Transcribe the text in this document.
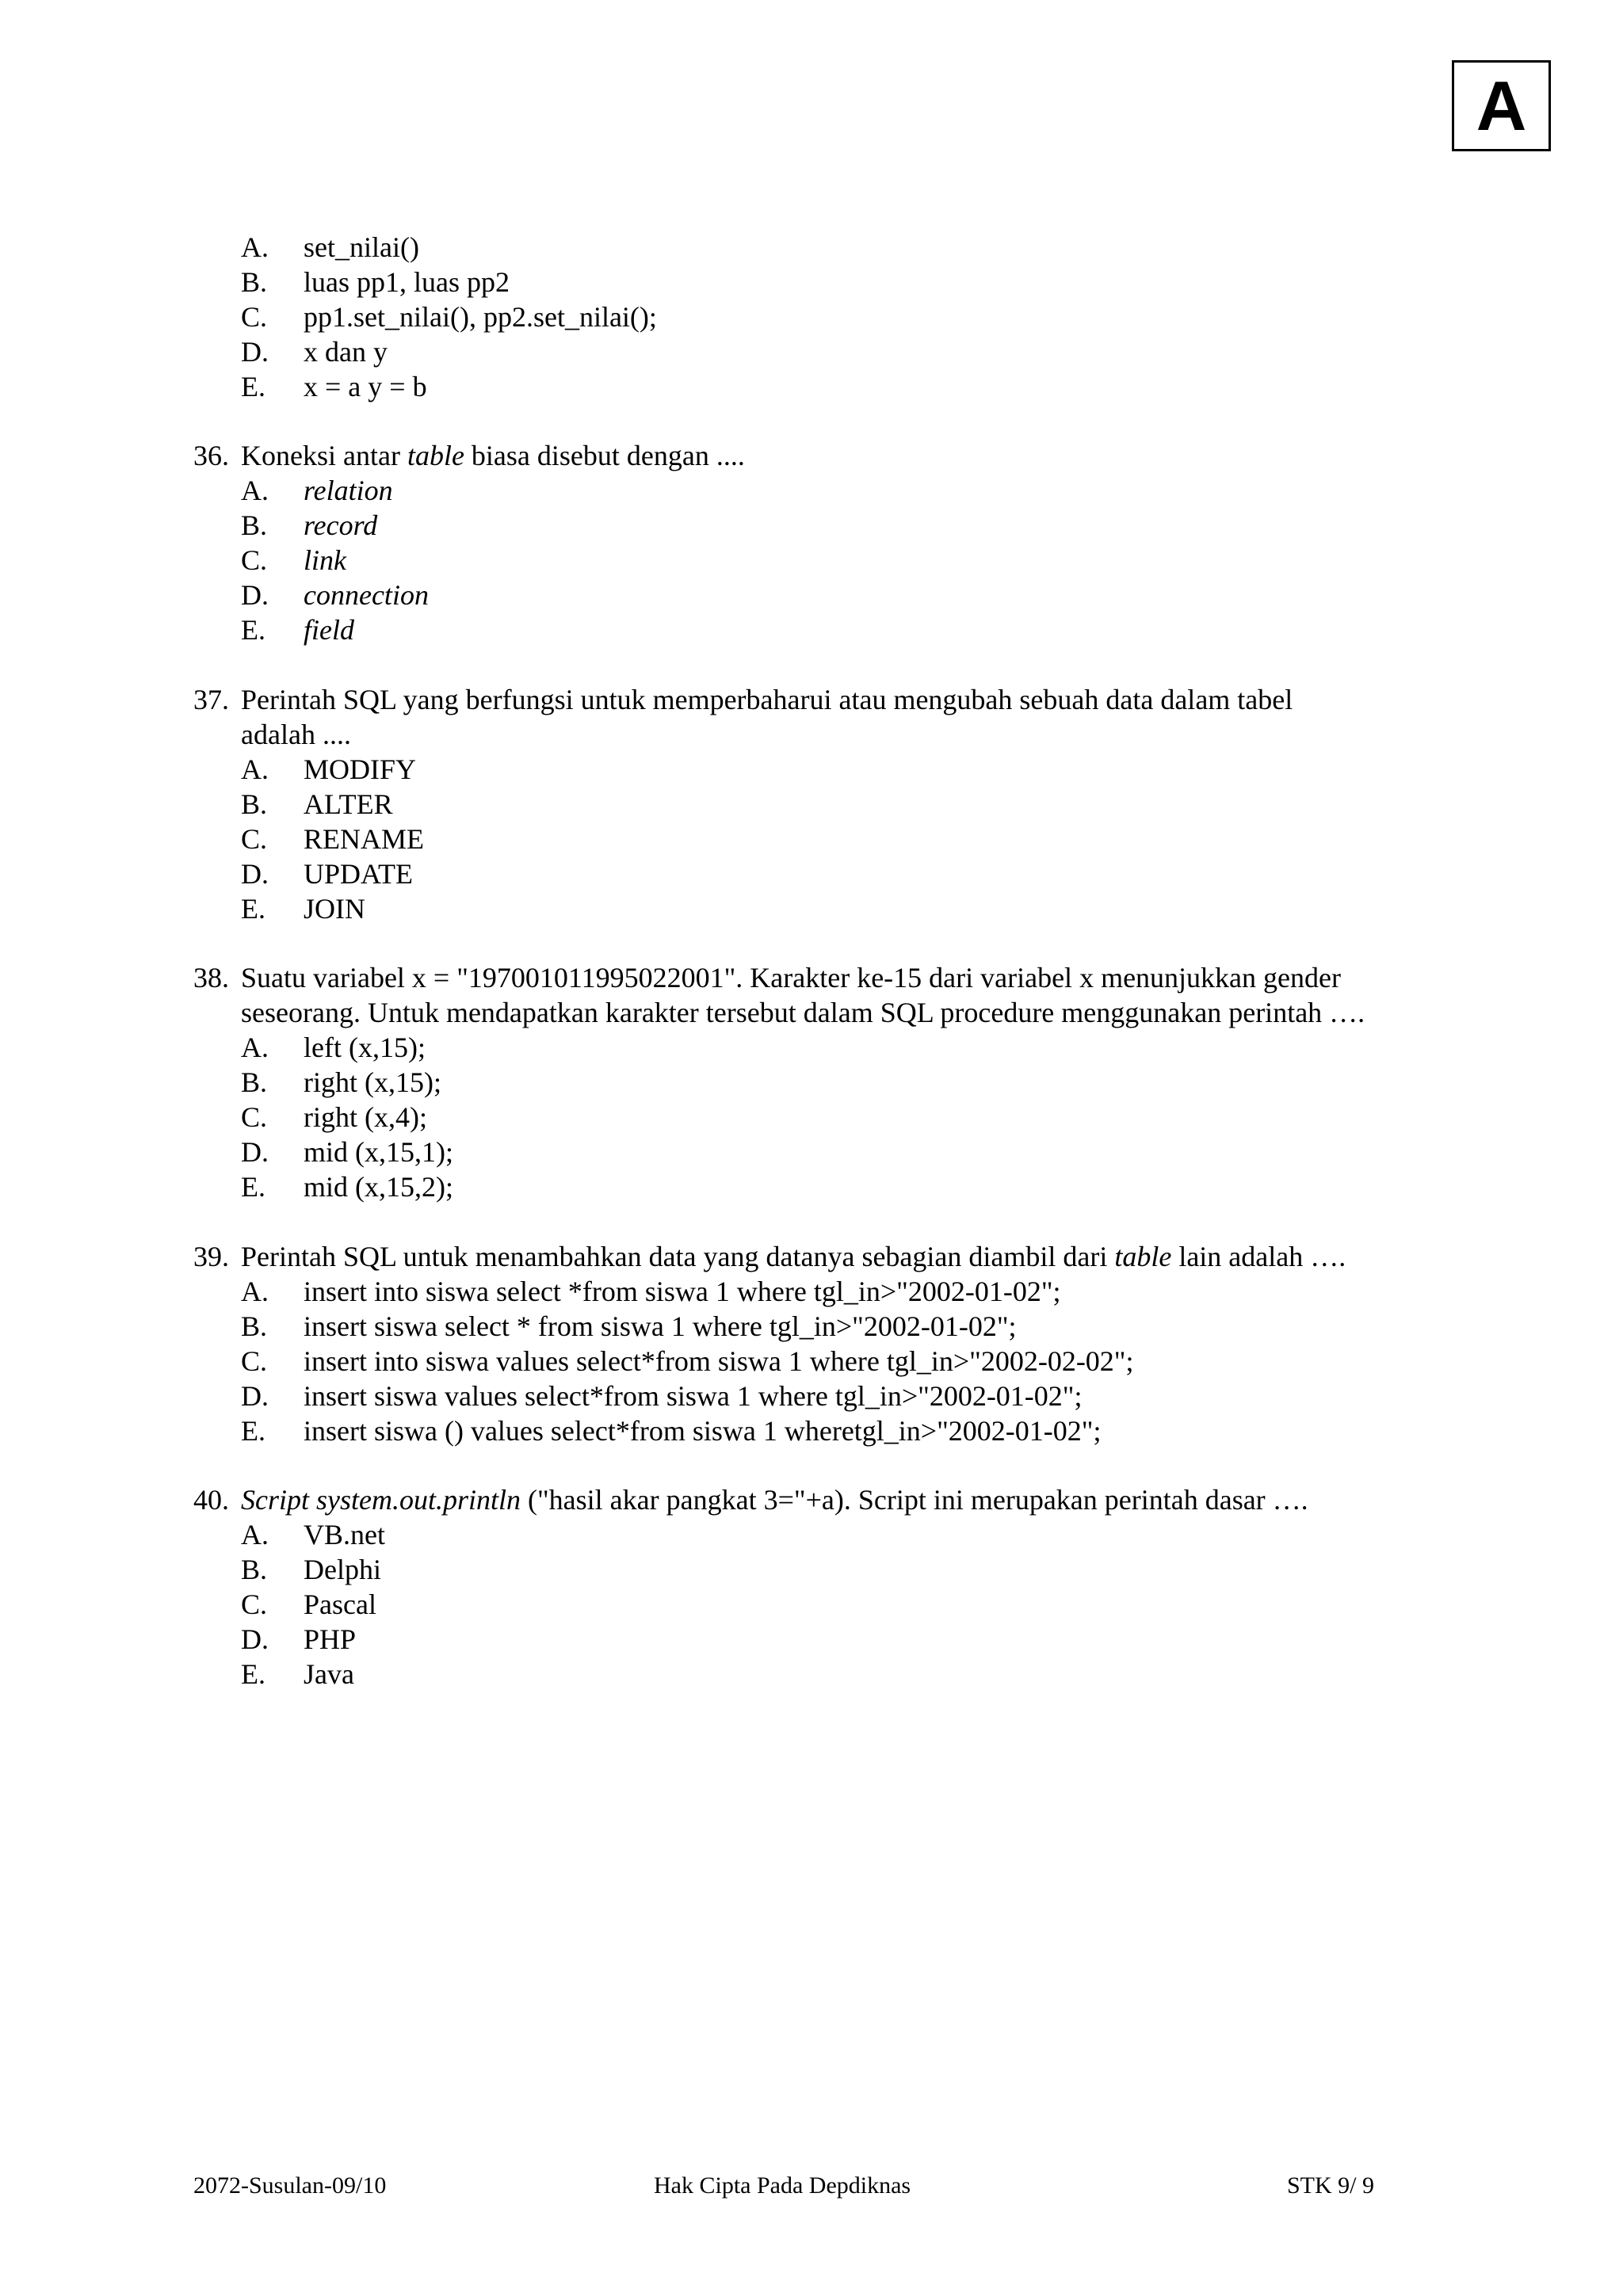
A
A. set_nilai()
B. luas pp1, luas pp2
C. pp1.set_nilai(), pp2.set_nilai();
D. x dan y
E. x = a y = b
36. Koneksi antar table biasa disebut dengan ....
A. relation
B. record
C. link
D. connection
E. field
37. Perintah SQL yang berfungsi untuk memperbaharui atau mengubah sebuah data dalam tabel
adalah ....
A. MODIFY
B. ALTER
C. RENAME
D. UPDATE
E. JOIN
38. Suatu variabel x = "197001011995022001". Karakter ke-15 dari variabel x menunjukkan gender
seseorang. Untuk mendapatkan karakter tersebut dalam SQL procedure menggunakan perintah ….
A. left (x,15);
B. right (x,15);
C. right (x,4);
D. mid (x,15,1);
E. mid (x,15,2);
39. Perintah SQL untuk menambahkan data yang datanya sebagian diambil dari table lain adalah ….
A. insert into siswa select *from siswa 1 where tgl_in>"2002-01-02";
B. insert siswa select * from siswa 1 where tgl_in>"2002-01-02";
C. insert into siswa values select*from siswa 1 where tgl_in>"2002-02-02";
D. insert siswa values select*from siswa 1 where tgl_in>"2002-01-02";
E. insert siswa () values select*from siswa 1 wheretgl_in>"2002-01-02";
40. Script system.out.println ("hasil akar pangkat 3="+a). Script ini merupakan perintah dasar ….
A. VB.net
B. Delphi
C. Pascal
D. PHP
E. Java
2072-Susulan-09/10	Hak Cipta Pada Depdiknas	STK 9/ 9
